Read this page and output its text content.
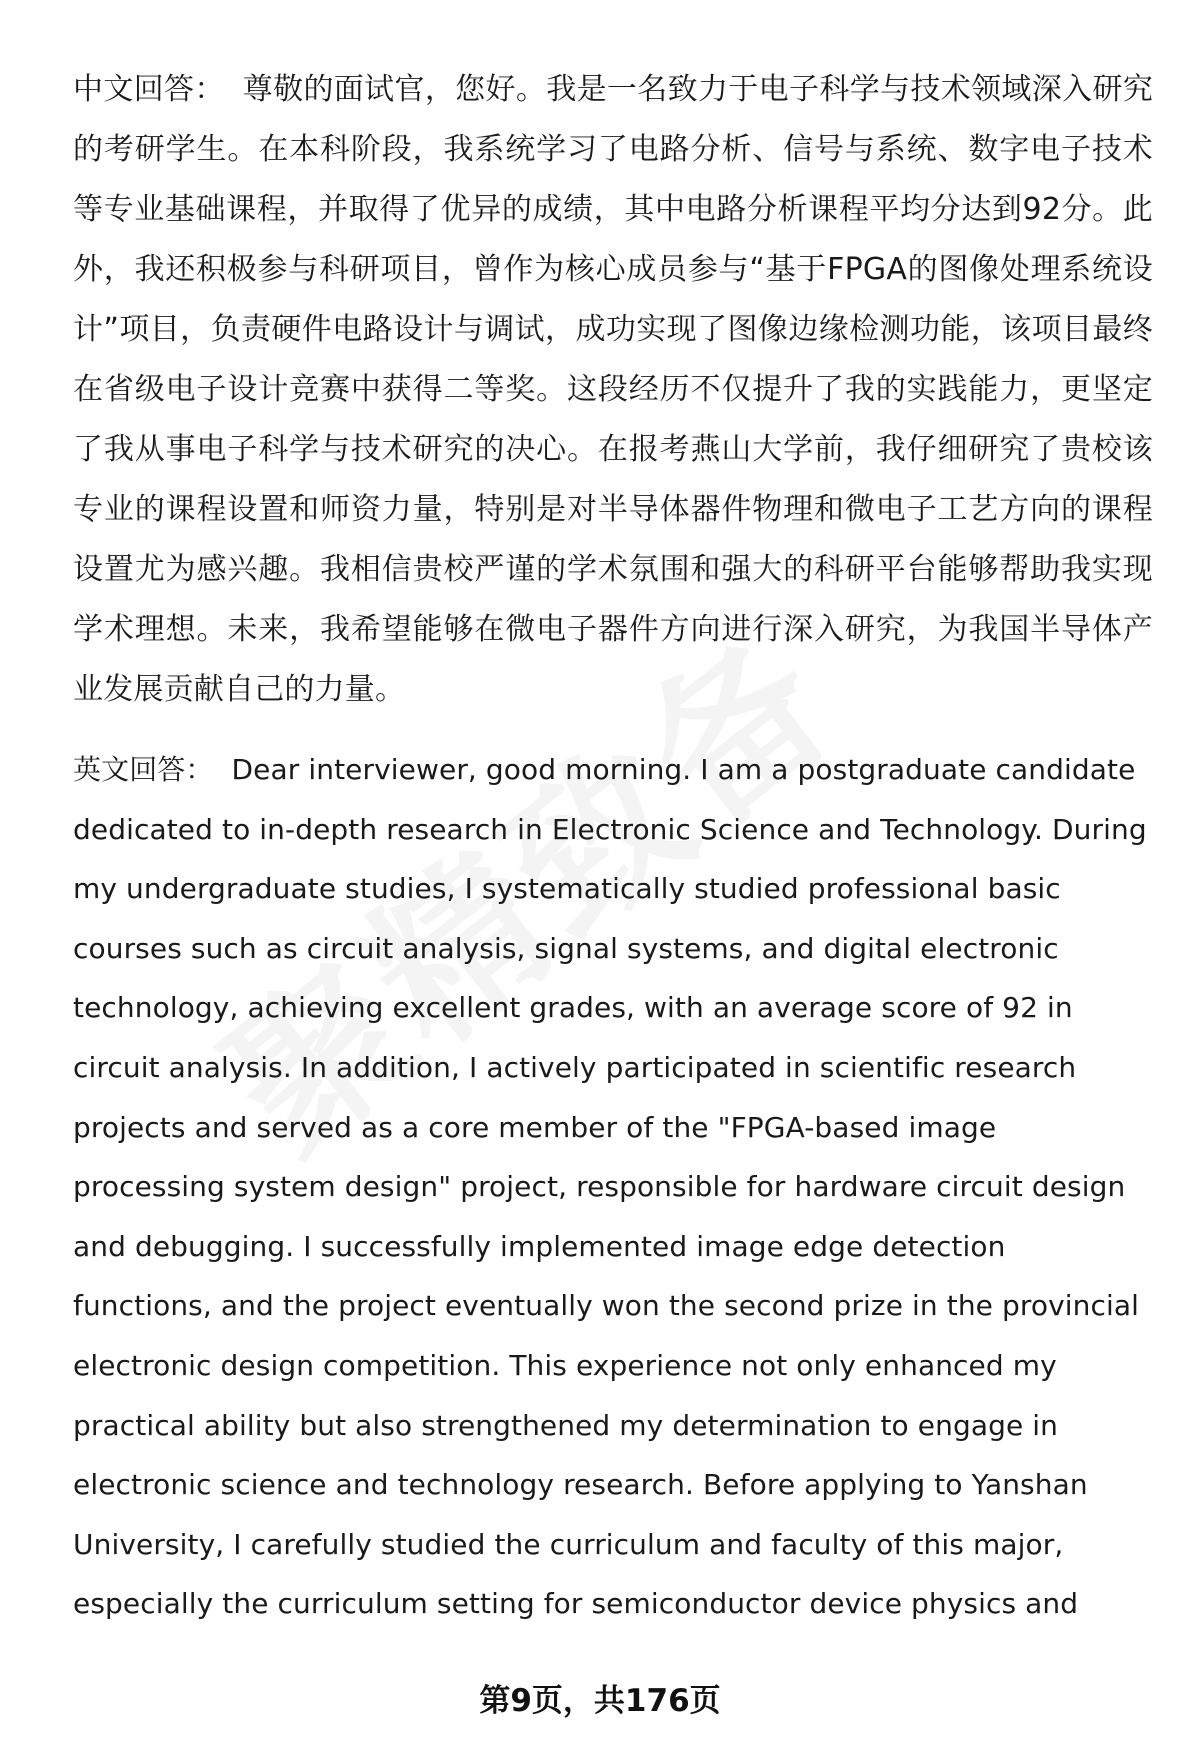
中文回答： 尊敬的面试官，您好。我是一名致力于电子科学与技术领域深入研究的考研学生。在本科阶段，我系统学习了电路分析、信号与系统、数字电子技术等专业基础课程，并取得了优异的成绩，其中电路分析课程平均分达到92分。此外，我还积极参与科研项目，曾作为核心成员参与“基于FPGA的图像处理系统设计”项目，负责硬件电路设计与调试，成功实现了图像边缘检测功能，该项目最终在省级电子设计竞赛中获得二等奖。这段经历不仅提升了我的实践能力，更坚定了我从事电子科学与技术研究的决心。在报考燕山大学前，我仔细研究了贵校该专业的课程设置和师资力量，特别是对半导体器件物理和微电子工艺方向的课程设置尤为感兴趣。我相信贵校严谨的学术氛围和强大的科研平台能够帮助我实现学术理想。未来，我希望能够在微电子器件方向进行深入研究，为我国半导体产业发展贡献自己的力量。

英文回答： Dear interviewer, good morning. I am a postgraduate candidate dedicated to in-depth research in Electronic Science and Technology. During my undergraduate studies, I systematically studied professional basic courses such as circuit analysis, signal systems, and digital electronic technology, achieving excellent grades, with an average score of 92 in circuit analysis. In addition, I actively participated in scientific research projects and served as a core member of the "FPGA-based image processing system design" project, responsible for hardware circuit design and debugging. I successfully implemented image edge detection functions, and the project eventually won the second prize in the provincial electronic design competition. This experience not only enhanced my practical ability but also strengthened my determination to engage in electronic science and technology research. Before applying to Yanshan University, I carefully studied the curriculum and faculty of this major, especially the curriculum setting for semiconductor device physics and

第9页，共176页
